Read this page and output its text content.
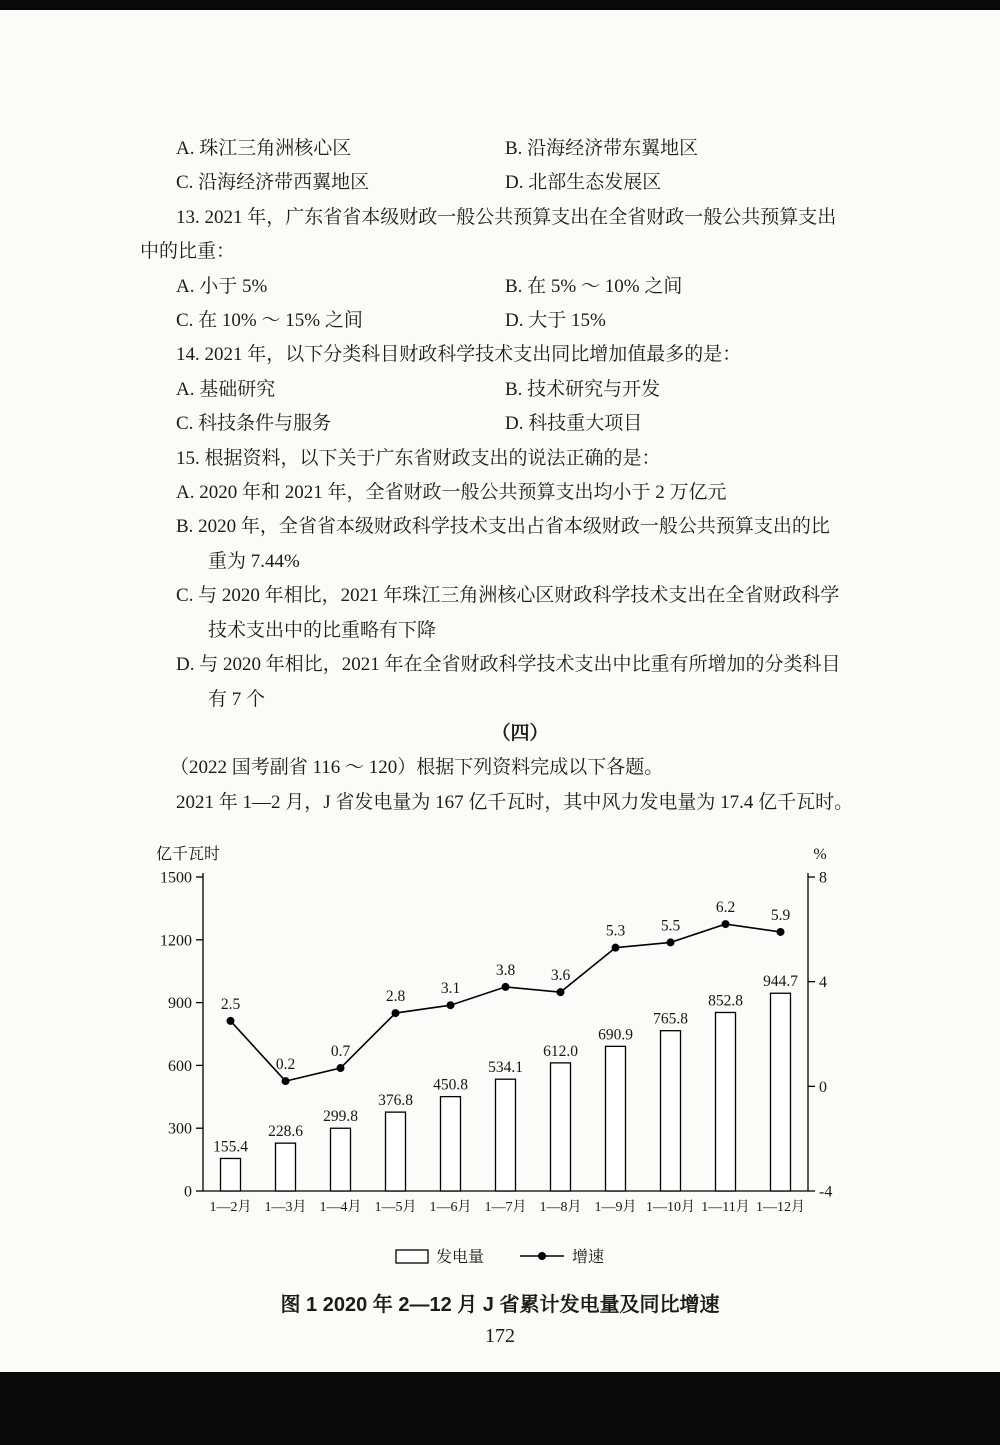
A. 珠江三角洲核心区	B. 沿海经济带东翼地区
C. 沿海经济带西翼地区	D. 北部生态发展区
13. 2021 年，广东省省本级财政一般公共预算支出在全省财政一般公共预算支出
中的比重：
A. 小于 5%	B. 在 5% ～ 10% 之间
C. 在 10% ～ 15% 之间	D. 大于 15%
14. 2021 年，以下分类科目财政科学技术支出同比增加值最多的是：
A. 基础研究	B. 技术研究与开发
C. 科技条件与服务	D. 科技重大项目
15. 根据资料，以下关于广东省财政支出的说法正确的是：
A. 2020 年和 2021 年，全省财政一般公共预算支出均小于 2 万亿元
B. 2020 年，全省省本级财政科学技术支出占省本级财政一般公共预算支出的比
重为 7.44%
C. 与 2020 年相比，2021 年珠江三角洲核心区财政科学技术支出在全省财政科学
技术支出中的比重略有下降
D. 与 2020 年相比，2021 年在全省财政科学技术支出中比重有所增加的分类科目
有 7 个
（四）
（2022 国考副省 116 ～ 120）根据下列资料完成以下各题。
2021 年 1—2 月，J 省发电量为 167 亿千瓦时，其中风力发电量为 17.4 亿千瓦时。
0
300
600
900
1200
1500
-4
0
4
8
亿千瓦时	%
155.4
228.6
299.8
376.8
450.8
534.1
612.0
690.9
765.8
852.8
944.7
1—2月 1—3月 1—4月 1—5月 1—6月 1—7月 1—8月 1—9月 1—10月 1—11月 1—12月
2.5
0.2
0.7
2.8 3.1
3.8 3.6
5.3 5.5
6.2 5.9
发电量	增速
图 1 2020 年 2—12 月 J 省累计发电量及同比增速
172
